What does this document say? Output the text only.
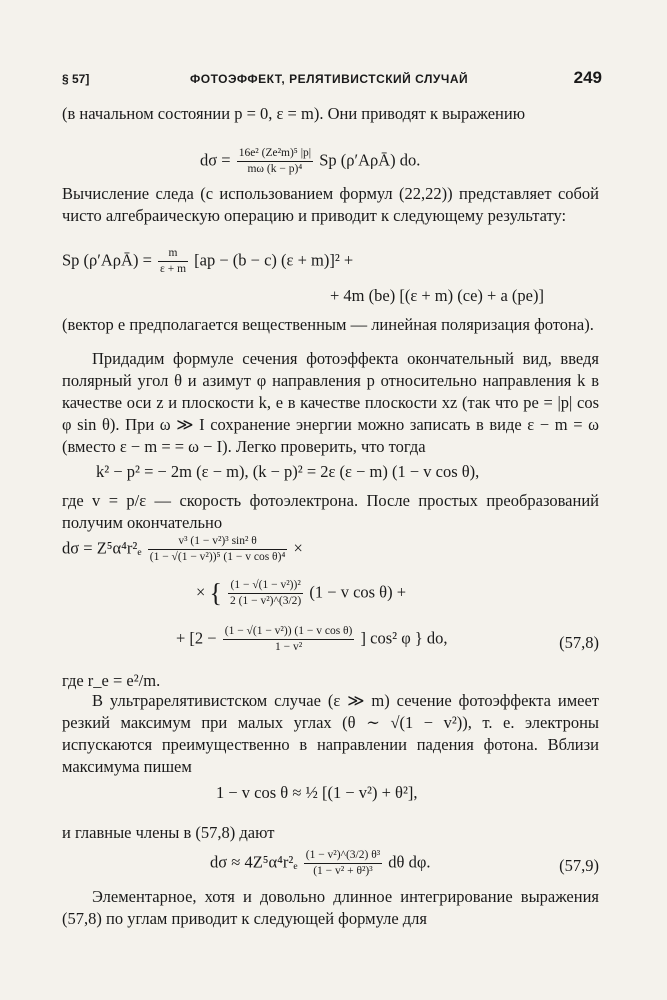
§ 57]	ФОТОЭФФЕКТ, РЕЛЯТИВИСТСКИЙ СЛУЧАЙ	249
(в начальном состоянии p = 0, ε = m). Они приводят к выражению
$d\sigma = \frac{\text{16e² (Ze²m)⁵ |p|}}{\text{mω (k − p)⁴}}$ Sp (ρ′AρĀ) do.
Вычисление следа (с использованием формул (22,22)) представляет собой чисто алгебраическую операцию и приводит к следующему результату:
Sp (ρ′AρĀ) = $\frac{m}{\varepsilon + m} [ap - (b - c) (\varepsilon + m)]^2$ +
+ 4m (be) [(ε + m) (ce) + a (pe)]
(вектор e предполагается вещественным — линейная поляризация фотона).
Придадим формуле сечения фотоэффекта окончательный вид, введя полярный угол θ и азимут φ направления p относительно направления k в качестве оси z и плоскости k, e в качестве плоскости xz (так что pe = |p| cos φ sin θ). При ω ≫ I сохранение энергии можно записать в виде ε − m = ω (вместо ε − m = = ω − I). Легко проверить, что тогда
k² − p² = − 2m (ε − m), (k − p)² = 2ε (ε − m) (1 − v cos θ),
где v = p/ε — скорость фотоэлектрона. После простых преобразований получим окончательно
$d\sigma = Z^5\alpha^4r^2_e \frac{\text{v³ (1 − v²)³ sin² θ}}{\text{(1 − √(1 − v²))⁵ (1 − v cos θ)⁴}}$ ×
× { $\frac{\text{(1 − √(1 − v²))²}}{\text{2 (1 − v²)\textasciicircum{}(3/2)}} (1 - v$ cos θ) +
+ [$2 - \frac{\text{(1 − √(1 − v²)) (1 − v cos θ)}}{\text{1 − v²}}$ ] cos² φ } do,	(57,8)
где r_e = e²/m.
В ультрарелятивистском случае (ε ≫ m) сечение фотоэффекта имеет резкий максимум при малых углах (θ ∼ √(1 − v²)), т. е. электроны испускаются преимущественно в направлении падения фотона. Вблизи максимума пишем
1 − v cos θ ≈ ½ [(1 − v²) + θ²],
и главные члены в (57,8) дают
$d\sigma \approx 4Z^5\alpha^4r^2_e \frac{\text{(1 − v²)\textasciicircum{}(3/2) θ³}}{\text{(1 − v² + θ²)³}}$ dθ dφ.	(57,9)
Элементарное, хотя и довольно длинное интегрирование выражения (57,8) по углам приводит к следующей формуле для
